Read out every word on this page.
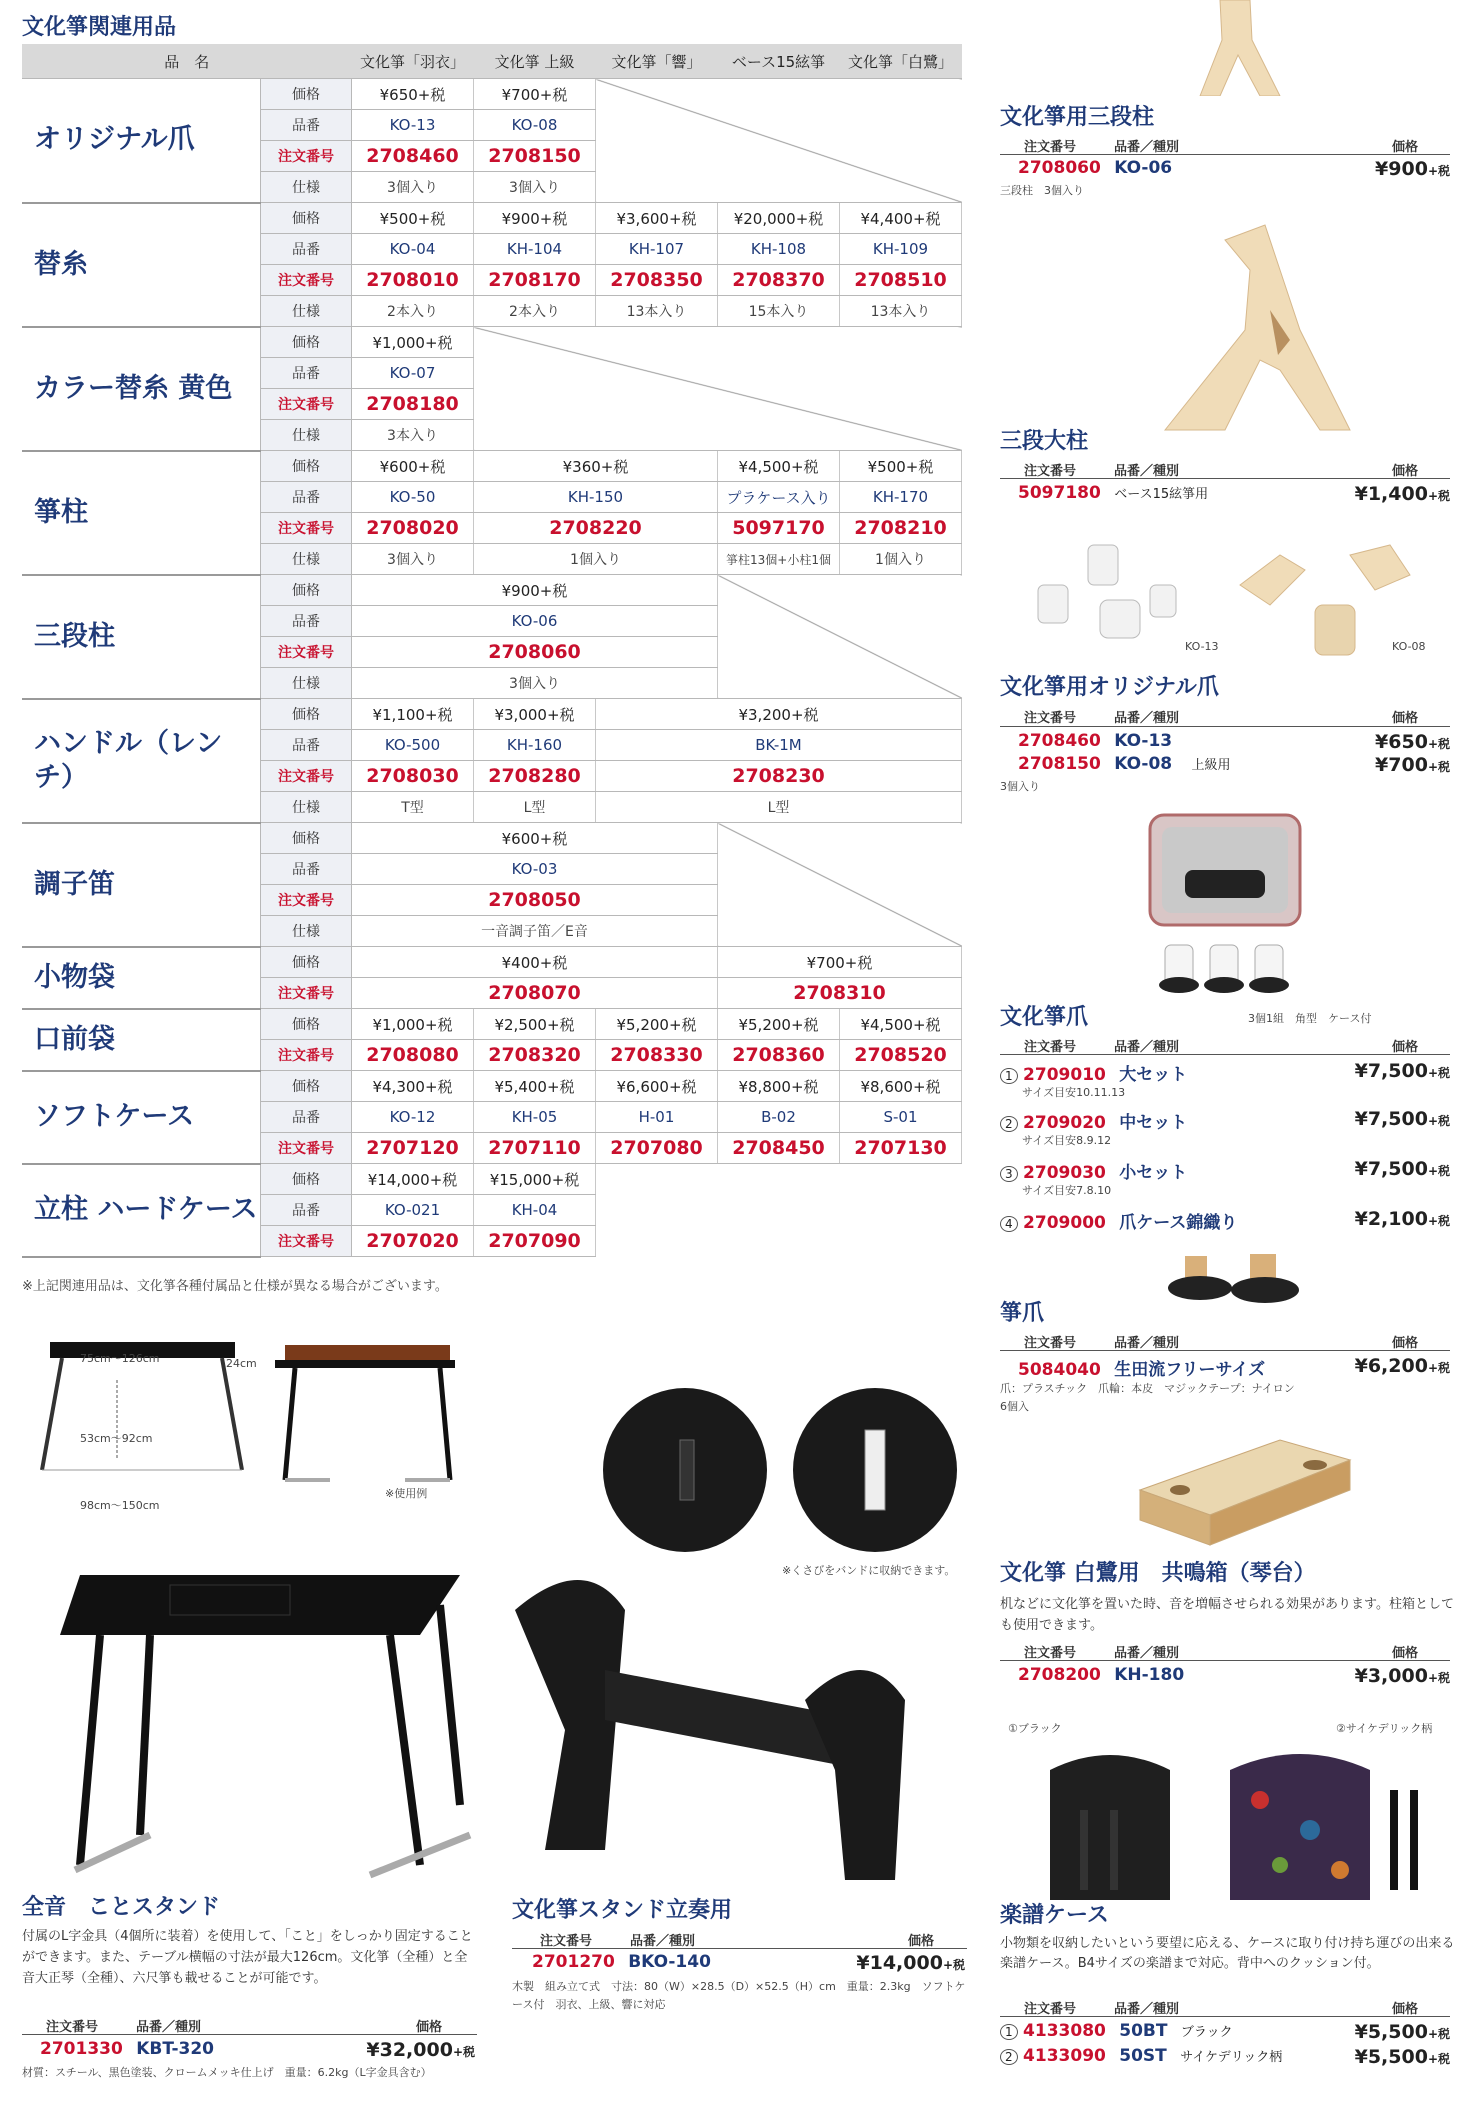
文化箏関連用品
品　名		文化箏「羽衣」	文化箏 上級	文化箏「響」	ベース15絃箏	文化箏「白鷺」
オリジナル爪	価格	¥650+税	¥700+税			
	品番	KO-13	KO-08			
	注文番号	2708460	2708150			
	仕様	3個入り	3個入り			
替糸	価格	¥500+税	¥900+税	¥3,600+税	¥20,000+税	¥4,400+税
	品番	KO-04	KH-104	KH-107	KH-108	KH-109
	注文番号	2708010	2708170	2708350	2708370	2708510
	仕様	2本入り	2本入り	13本入り	15本入り	13本入り
カラー替糸 黄色	価格	¥1,000+税				
	品番	KO-07				
	注文番号	2708180				
	仕様	3本入り				
箏柱	価格	¥600+税	¥360+税		¥4,500+税	¥500+税
	品番	KO-50	KH-150		プラケース入り	KH-170
	注文番号	2708020	2708220		5097170	2708210
	仕様	3個入り	1個入り		箏柱13個+小柱1個	1個入り
三段柱	価格	¥900+税				
	品番	KO-06				
	注文番号	2708060				
	仕様	3個入り				
ハンドル（レンチ）	価格	¥1,100+税	¥3,000+税	¥3,200+税		
	品番	KO-500	KH-160	BK-1M		
	注文番号	2708030	2708280	2708230		
	仕様	T型	L型	L型		
調子笛	価格	¥600+税				
	品番	KO-03				
	注文番号	2708050				
	仕様	一音調子笛／E音				
小物袋	価格	¥400+税			¥700+税	
	注文番号	2708070			2708310	
口前袋	価格	¥1,000+税	¥2,500+税	¥5,200+税	¥5,200+税	¥4,500+税
	注文番号	2708080	2708320	2708330	2708360	2708520
ソフトケース	価格	¥4,300+税	¥5,400+税	¥6,600+税	¥8,800+税	¥8,600+税
	品番	KO-12	KH-05	H-01	B-02	S-01
	注文番号	2707120	2707110	2707080	2708450	2707130
立柱 ハードケース	価格	¥14,000+税	¥15,000+税			
	品番	KO-021	KH-04			
	注文番号	2707020	2707090			
※上記関連用品は、文化箏各種付属品と仕様が異なる場合がございます。
文化箏用三段柱
注文番号	品番／種別	価格
2708060 KO-06	¥900+税
三段柱　3個入り
三段大柱
注文番号	品番／種別	価格
5097180 ベース15絃箏用	¥1,400+税
KO-13	KO-08
文化箏用オリジナル爪
注文番号	品番／種別	価格
2708460 KO-13	¥650+税
2708150 KO-08 上級用	¥700+税
3個入り
文化箏爪	3個1組　角型　ケース付
注文番号	品番／種別	価格
1 2709010 大セット	¥7,500+税
サイズ目安10.11.13
2 2709020 中セット	¥7,500+税
サイズ目安8.9.12
3 2709030 小セット	¥7,500+税
サイズ目安7.8.10
4 2709000 爪ケース錦織り	¥2,100+税
箏爪
注文番号	品番／種別	価格
5084040 生田流フリーサイズ	¥6,200+税
爪：プラスチック　爪輪：本皮　マジックテープ：ナイロン
6個入
文化箏 白鷺用　共鳴箱（琴台）
机などに文化箏を置いた時、音を増幅させられる効果があります。柱箱としても使用できます。
注文番号	品番／種別	価格
2708200 KH-180	¥3,000+税
①ブラック	②サイケデリック柄
楽譜ケース
小物類を収納したいという要望に応える、ケースに取り付け持ち運びの出来る楽譜ケース。B4サイズの楽譜まで対応。背中へのクッション付。
注文番号	品番／種別	価格
1 4133080 50BT ブラック	¥5,500+税
2 4133090 50ST サイケデリック柄	¥5,500+税
75cm〜126cm	24cm
53cm〜92cm
98cm〜150cm
※使用例
全音　ことスタンド
付属のL字金具（4個所に装着）を使用して、「こと」をしっかり固定することができます。また、テーブル横幅の寸法が最大126cm。文化箏（全種）と全音大正琴（全種）、六尺箏も載せることが可能です。
注文番号	品番／種別	価格
2701330 KBT-320	¥32,000+税
材質：スチール、黒色塗装、クロームメッキ仕上げ　重量：6.2kg（L字金具含む）
※くさびをバンドに収納できます。
文化箏スタンド立奏用
注文番号	品番／種別	価格
2701270 BKO-140	¥14,000+税
木製　組み立て式　寸法：80（W）×28.5（D）×52.5（H）cm　重量：2.3kg　ソフトケース付　羽衣、上級、響に対応
